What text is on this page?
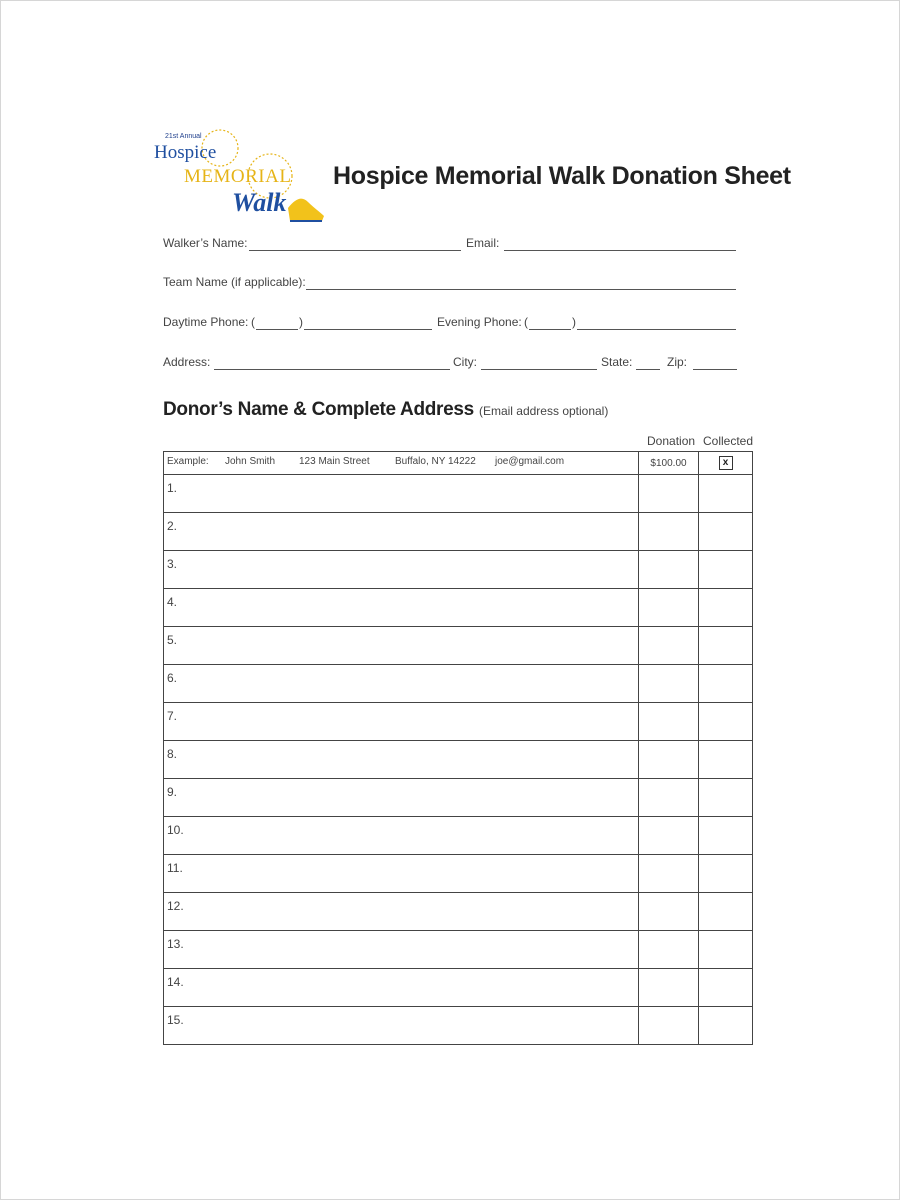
21st Annual
Hospice
MEMORIAL
Walk
Hospice Memorial Walk Donation Sheet
Walker’s Name:	Email:
Team Name (if applicable):
Daytime Phone: (	)	Evening Phone: (	)
Address:	City:	State:	Zip:
Donor’s Name & Complete Address (Email address optional)
Donation Collected
Example: John Smith 123 Main Street Buffalo, NY 14222 joe@gmail.com	$100.00	x
1.		
2.		
3.		
4.		
5.		
6.		
7.		
8.		
9.		
10.		
11.		
12.		
13.		
14.		
15.		
